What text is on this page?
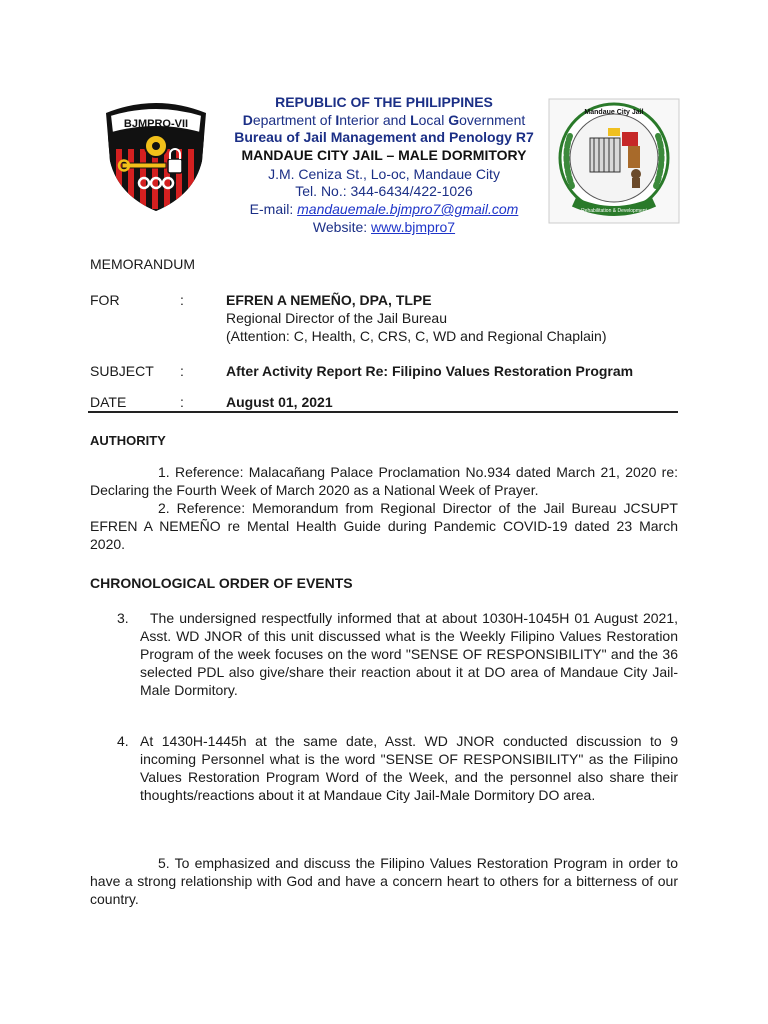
BJMPRO-VII
Mandaue City Jail
Rehabilitation & Development
REPUBLIC OF THE PHILIPPINES
Department of Interior and Local Government
Bureau of Jail Management and Penology R7
MANDAUE CITY JAIL – MALE DORMITORY
J.M. Ceniza St., Lo-oc, Mandaue City
Tel. No.: 344-6434/422-1026
E-mail: mandauemale.bjmpro7@gmail.com
Website: www.bjmpro7
MEMORANDUM
FOR	:	EFREN A NEMEÑO, DPA, TLPE
Regional Director of the Jail Bureau
(Attention: C, Health, C, CRS, C, WD and Regional Chaplain)
SUBJECT :	After Activity Report Re: Filipino Values Restoration Program
DATE	:	August 01, 2021
AUTHORITY
1. Reference: Malacañang Palace Proclamation No.934 dated March 21, 2020 re: Declaring the Fourth Week of March 2020 as a National Week of Prayer.
2. Reference: Memorandum from Regional Director of the Jail Bureau JCSUPT EFREN A NEMEÑO re Mental Health Guide during Pandemic COVID-19 dated 23 March 2020.
CHRONOLOGICAL ORDER OF EVENTS
3.	The undersigned respectfully informed that at about 1030H-1045H 01 August 2021, Asst. WD JNOR of this unit discussed what is the Weekly Filipino Values Restoration Program of the week focuses on the word "SENSE OF RESPONSIBILITY" and the 36 selected PDL also give/share their reaction about it at DO area of Mandaue City Jail- Male Dormitory.
4. At 1430H-1445h at the same date, Asst. WD JNOR conducted discussion to 9 incoming Personnel what is the word "SENSE OF RESPONSIBILITY" as the Filipino Values Restoration Program Word of the Week, and the personnel also share their thoughts/reactions about it at Mandaue City Jail-Male Dormitory DO area.
5. To emphasized and discuss the Filipino Values Restoration Program in order to have a strong relationship with God and have a concern heart to others for a bitterness of our country.
